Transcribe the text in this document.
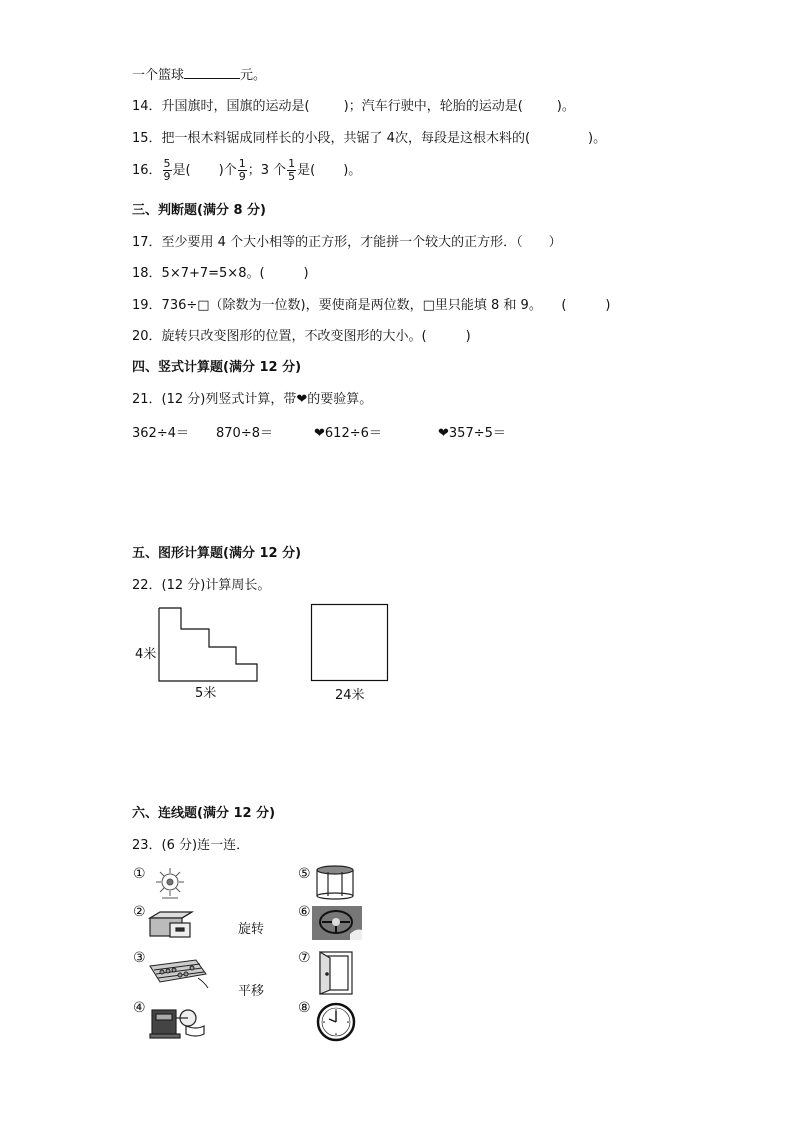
一个篮球	元。
14．升国旗时，国旗的运动是(	)；汽车行驶中，轮胎的运动是(	)。
15．把一根木料锯成同样长的小段，共锯了 4次，每段是这根木料的(	)。
16． $\frac{5}{9}$ 是( )个 $\frac{1}{9}$ ；3 个 $\frac{1}{5}$ 是( )。
三、判断题(满分 8 分)
17．至少要用 4 个大小相等的正方形，才能拼一个较大的正方形．（　　）
18．5×7+7=5×8。(　　　)
19．736÷□（除数为一位数)，要使商是两位数，□里只能填 8 和 9。　　(　　　)
20．旋转只改变图形的位置，不改变图形的大小。(　　　)
四、竖式计算题(满分 12 分)
21．(12 分)列竖式计算，带❤的要验算。
362÷4＝ 870÷8＝	❤612÷6＝	❤357÷5＝
五、图形计算题(满分 12 分)
22．(12 分)计算周长。
4米
5米	24米
六、连线题(满分 12 分)
23．(6 分)连一连．
①
②
③
④
旋转
平移
⑤
⑥
⑦
⑧
